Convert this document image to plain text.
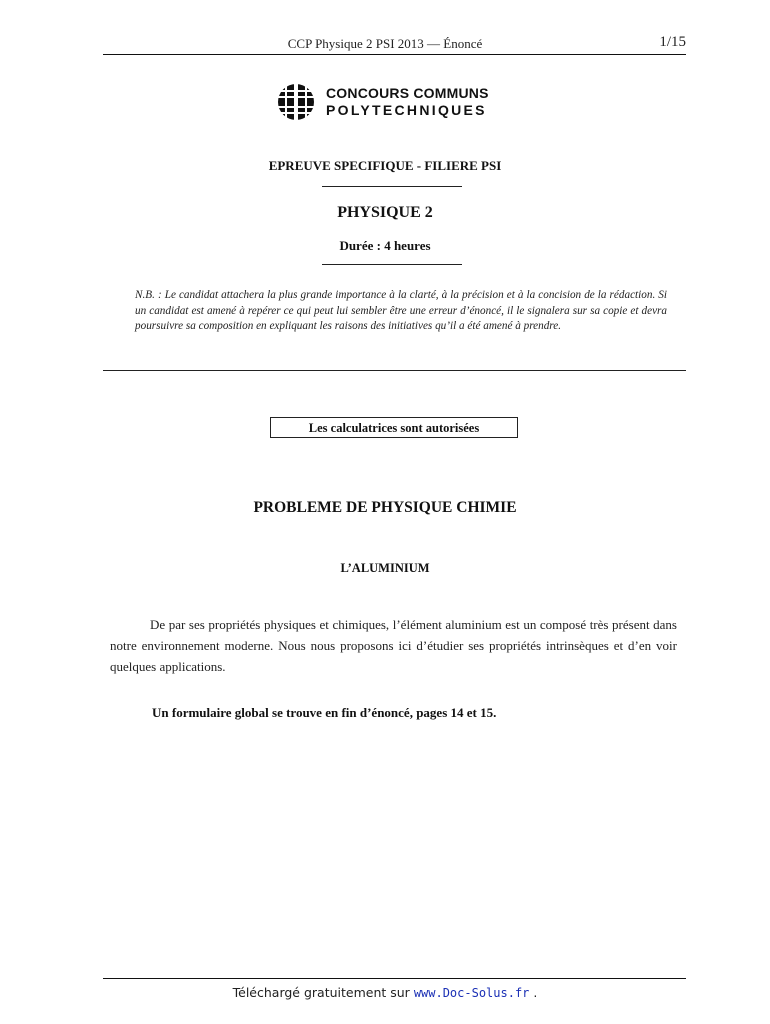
CCP Physique 2 PSI 2013 — Énoncé	1/15
CONCOURS COMMUNS
POLYTECHNIQUES
EPREUVE SPECIFIQUE - FILIERE PSI
PHYSIQUE 2
Durée : 4 heures
N.B. : Le candidat attachera la plus grande importance à la clarté, à la précision et à la concision de la rédaction. Si un candidat est amené à repérer ce qui peut lui sembler être une erreur d’énoncé, il le signalera sur sa copie et devra poursuivre sa composition en expliquant les raisons des initiatives qu’il a été amené à prendre.
Les calculatrices sont autorisées
PROBLEME DE PHYSIQUE CHIMIE
L’ALUMINIUM
De par ses propriétés physiques et chimiques, l’élément aluminium est un composé très présent dans notre environnement moderne. Nous nous proposons ici d’étudier ses propriétés intrinsèques et d’en voir quelques applications.
Un formulaire global se trouve en fin d’énoncé, pages 14 et 15.
Téléchargé gratuitement sur www.Doc-Solus.fr .
